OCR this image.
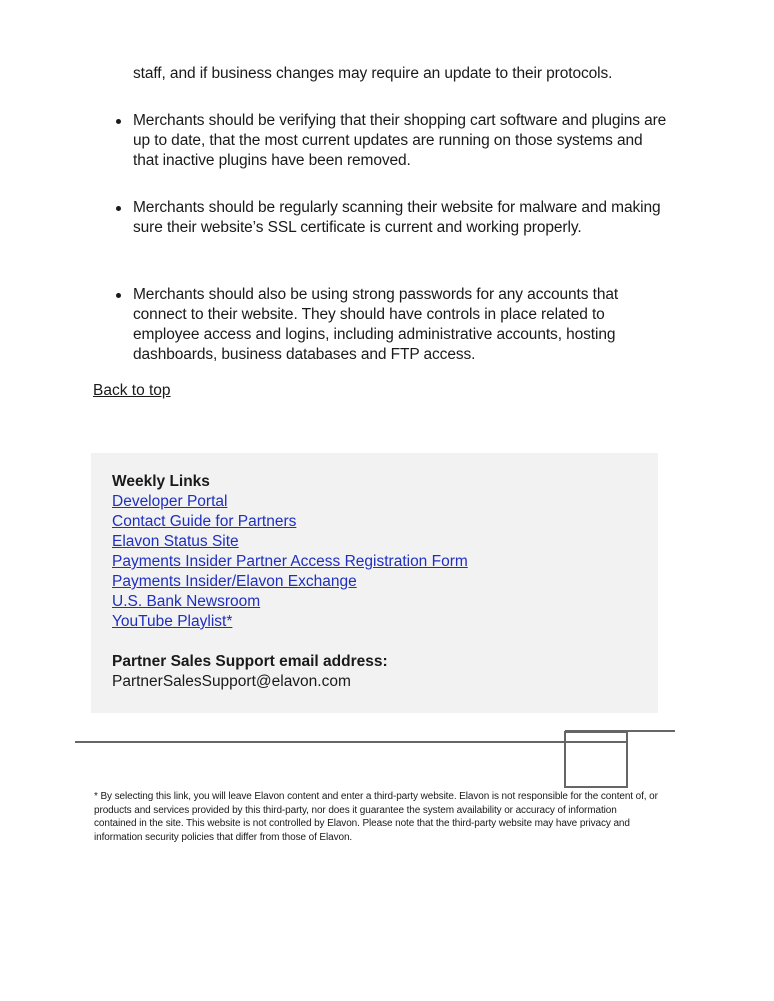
staff, and if business changes may require an update to their protocols.
Merchants should be verifying that their shopping cart software and plugins are up to date, that the most current updates are running on those systems and that inactive plugins have been removed.
Merchants should be regularly scanning their website for malware and making sure their website’s SSL certificate is current and working properly.
Merchants should also be using strong passwords for any accounts that connect to their website. They should have controls in place related to employee access and logins, including administrative accounts, hosting dashboards, business databases and FTP access.
Back to top
Weekly Links
Developer Portal
Contact Guide for Partners
Elavon Status Site
Payments Insider Partner Access Registration Form
Payments Insider/Elavon Exchange
U.S. Bank Newsroom
YouTube Playlist*
Partner Sales Support email address:
PartnerSalesSupport@elavon.com
* By selecting this link, you will leave Elavon content and enter a third-party website. Elavon is not responsible for the content of, or products and services provided by this third-party, nor does it guarantee the system availability or accuracy of information contained in the site. This website is not controlled by Elavon. Please note that the third-party website may have privacy and information security policies that differ from those of Elavon.
